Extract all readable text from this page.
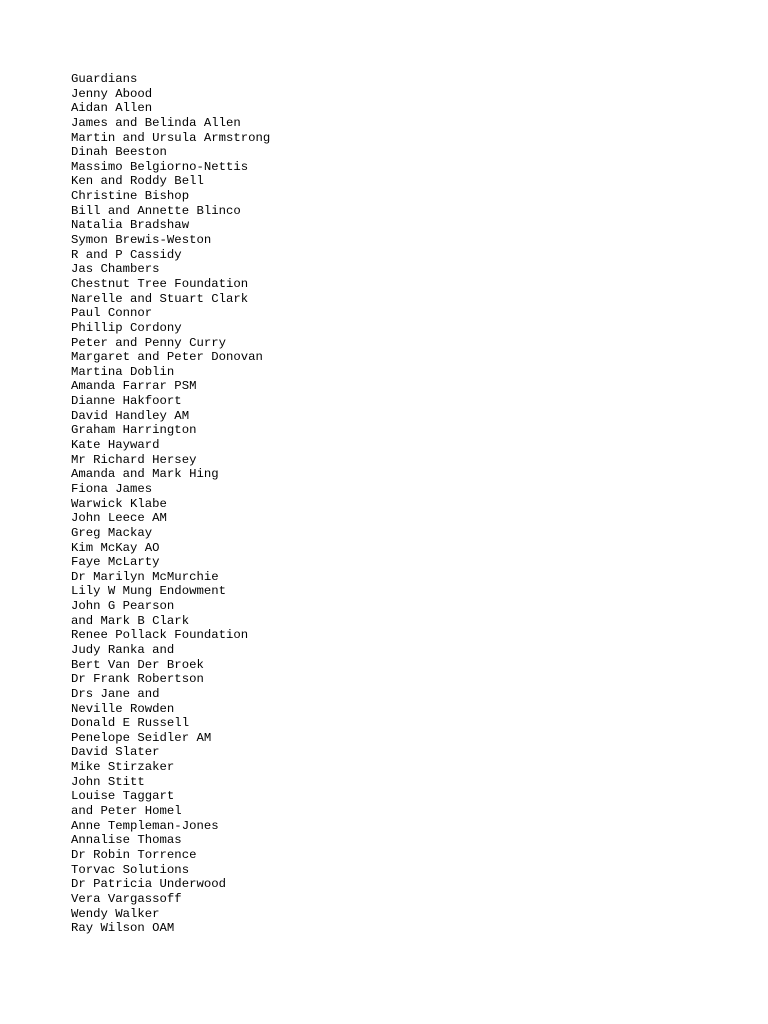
Guardians
Jenny Abood
Aidan Allen
James and Belinda Allen
Martin and Ursula Armstrong
Dinah Beeston
Massimo Belgiorno-Nettis
Ken and Roddy Bell
Christine Bishop
Bill and Annette Blinco
Natalia Bradshaw
Symon Brewis-Weston
R and P Cassidy
Jas Chambers
Chestnut Tree Foundation
Narelle and Stuart Clark
Paul Connor
Phillip Cordony
Peter and Penny Curry
Margaret and Peter Donovan
Martina Doblin
Amanda Farrar PSM
Dianne Hakfoort
David Handley AM
Graham Harrington
Kate Hayward
Mr Richard Hersey
Amanda and Mark Hing
Fiona James
Warwick Klabe
John Leece AM
Greg Mackay
Kim McKay AO
Faye McLarty
Dr Marilyn McMurchie
Lily W Mung Endowment
John G Pearson
and Mark B Clark
Renee Pollack Foundation
Judy Ranka and
Bert Van Der Broek
Dr Frank Robertson
Drs Jane and
Neville Rowden
Donald E Russell
Penelope Seidler AM
David Slater
Mike Stirzaker
John Stitt
Louise Taggart
and Peter Homel
Anne Templeman-Jones
Annalise Thomas
Dr Robin Torrence
Torvac Solutions
Dr Patricia Underwood
Vera Vargassoff
Wendy Walker
Ray Wilson OAM
